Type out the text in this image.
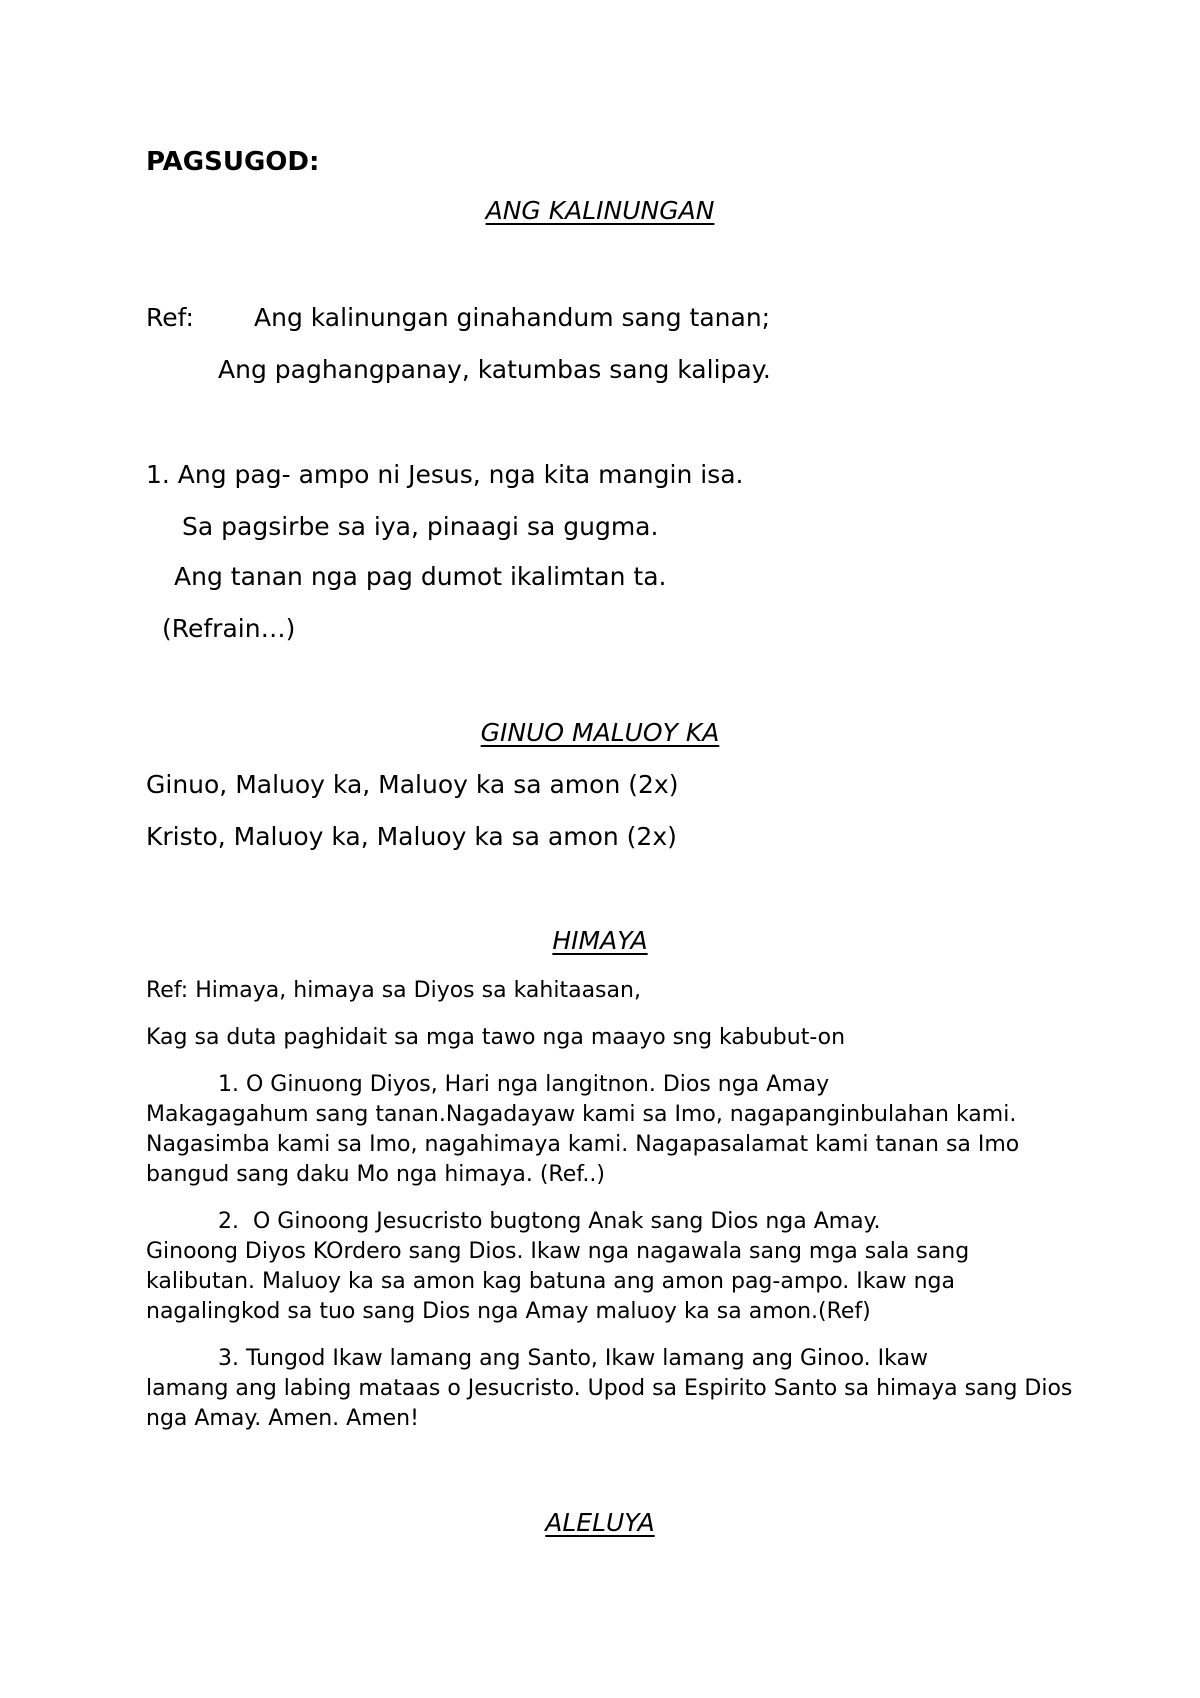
PAGSUGOD:
ANG KALINUNGAN
Ref: Ang kalinungan ginahandum sang tanan;
Ang paghangpanay, katumbas sang kalipay.
1. Ang pag- ampo ni Jesus, nga kita mangin isa.
Sa pagsirbe sa iya, pinaagi sa gugma.
Ang tanan nga pag dumot ikalimtan ta.
(Refrain…)
GINUO MALUOY KA
Ginuo, Maluoy ka, Maluoy ka sa amon (2x)
Kristo, Maluoy ka, Maluoy ka sa amon (2x)
HIMAYA
Ref: Himaya, himaya sa Diyos sa kahitaasan,
Kag sa duta paghidait sa mga tawo nga maayo sng kabubut-on
1. O Ginuong Diyos, Hari nga langitnon. Dios nga Amay
Makagagahum sang tanan.Nagadayaw kami sa Imo, nagapanginbulahan kami. Nagasimba kami sa Imo, nagahimaya kami. Nagapasalamat kami tanan sa Imo bangud sang daku Mo nga himaya. (Ref..)
2.  O Ginoong Jesucristo bugtong Anak sang Dios nga Amay.
Ginoong Diyos KOrdero sang Dios. Ikaw nga nagawala sang mga sala sang kalibutan. Maluoy ka sa amon kag batuna ang amon pag-ampo. Ikaw nga nagalingkod sa tuo sang Dios nga Amay maluoy ka sa amon.(Ref)
3. Tungod Ikaw lamang ang Santo, Ikaw lamang ang Ginoo. Ikaw
lamang ang labing mataas o Jesucristo. Upod sa Espirito Santo sa himaya sang Dios nga Amay. Amen. Amen!
ALELUYA
